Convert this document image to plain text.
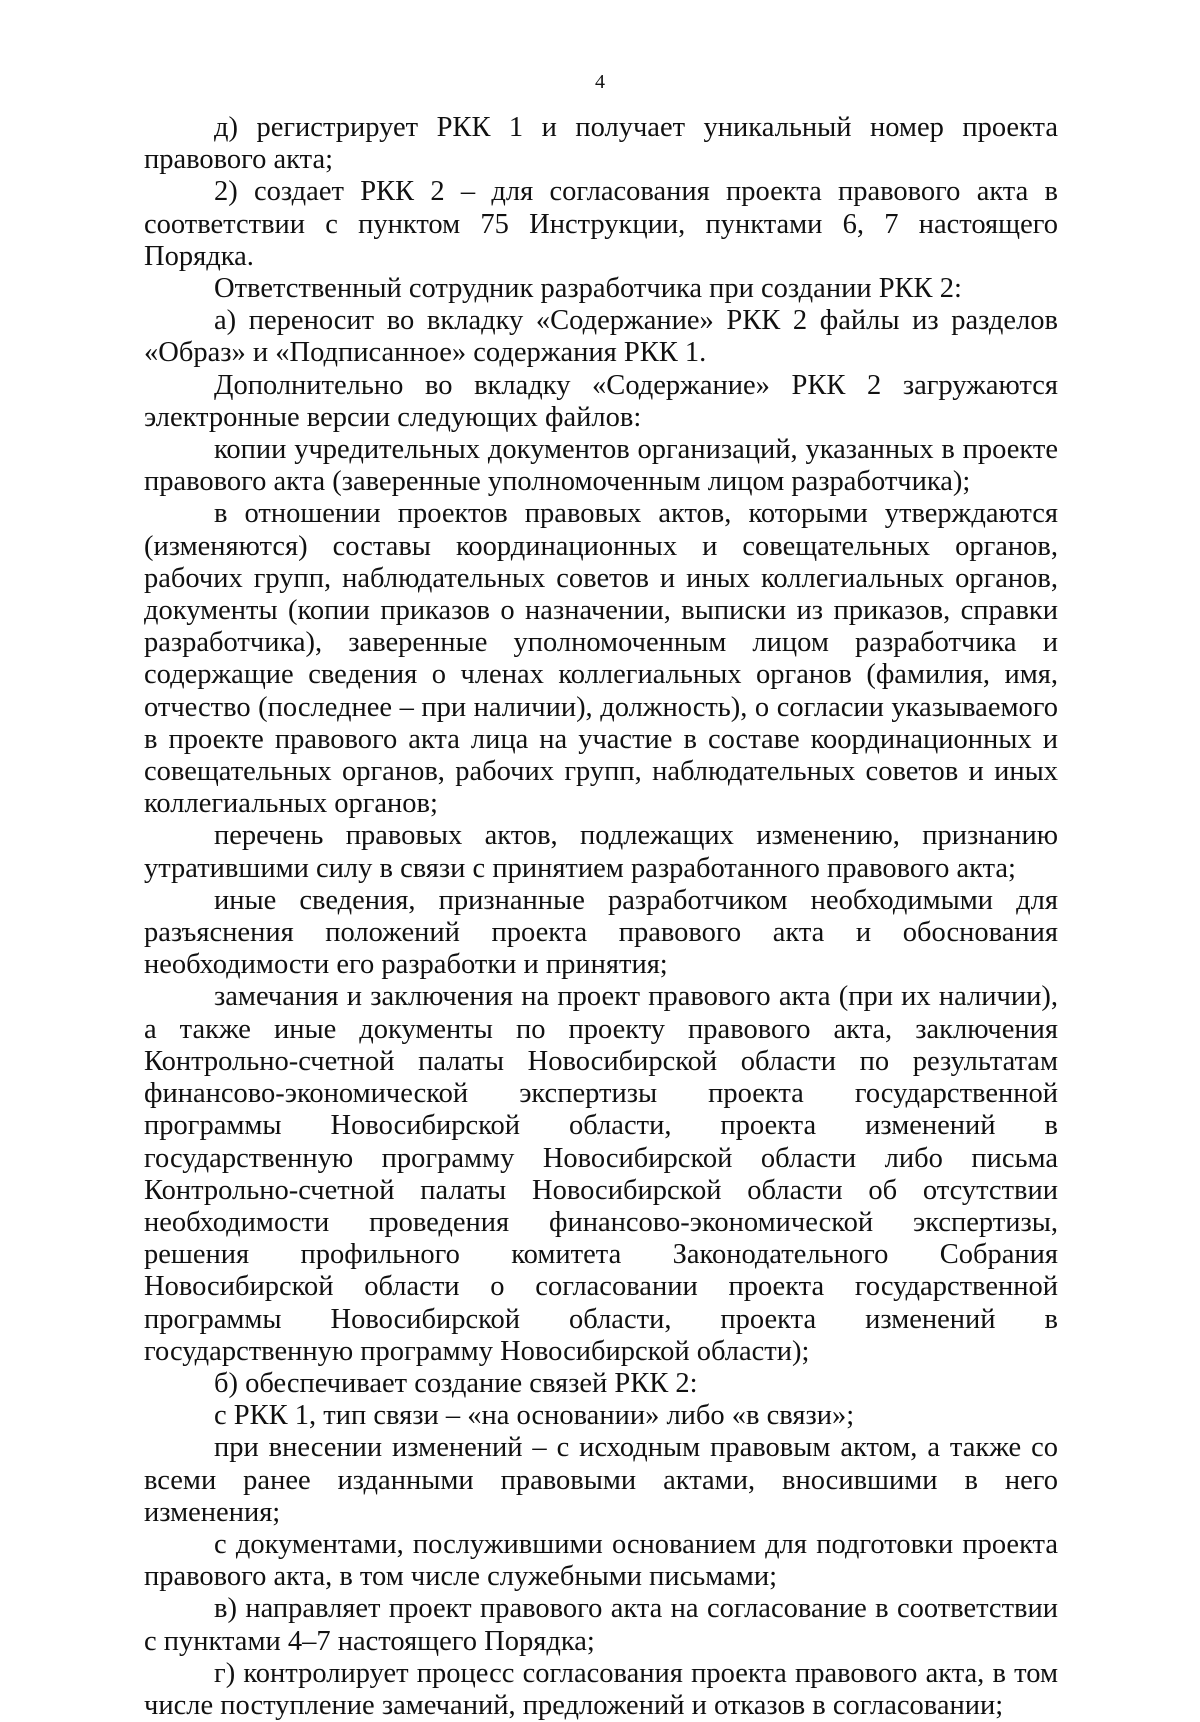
4

д) регистрирует РКК 1 и получает уникальный номер проекта правового акта;

2) создает РКК 2 – для согласования проекта правового акта в соответствии с пунктом 75 Инструкции, пунктами 6, 7 настоящего Порядка.

Ответственный сотрудник разработчика при создании РКК 2:

а) переносит во вкладку «Содержание» РКК 2 файлы из разделов «Образ» и «Подписанное» содержания РКК 1.

Дополнительно во вкладку «Содержание» РКК 2 загружаются электронные версии следующих файлов:

копии учредительных документов организаций, указанных в проекте правового акта (заверенные уполномоченным лицом разработчика);

в отношении проектов правовых актов, которыми утверждаются (изменяются) составы координационных и совещательных органов, рабочих групп, наблюдательных советов и иных коллегиальных органов, документы (копии приказов о назначении, выписки из приказов, справки разработчика), заверенные уполномоченным лицом разработчика и содержащие сведения о членах коллегиальных органов (фамилия, имя, отчество (последнее – при наличии), должность), о согласии указываемого в проекте правового акта лица на участие в составе координационных и совещательных органов, рабочих групп, наблюдательных советов и иных коллегиальных органов;

перечень правовых актов, подлежащих изменению, признанию утратившими силу в связи с принятием разработанного правового акта;

иные сведения, признанные разработчиком необходимыми для разъяснения положений проекта правового акта и обоснования необходимости его разработки и принятия;

замечания и заключения на проект правового акта (при их наличии), а также иные документы по проекту правового акта, заключения Контрольно-счетной палаты Новосибирской области по результатам финансово-экономической экспертизы проекта государственной программы Новосибирской области, проекта изменений в государственную программу Новосибирской области либо письма Контрольно-счетной палаты Новосибирской области об отсутствии необходимости проведения финансово-экономической экспертизы, решения профильного комитета Законодательного Собрания Новосибирской области о согласовании проекта государственной программы Новосибирской области, проекта изменений в государственную программу Новосибирской области);

б) обеспечивает создание связей РКК 2:

с РКК 1, тип связи – «на основании» либо «в связи»;

при внесении изменений – с исходным правовым актом, а также со всеми ранее изданными правовыми актами, вносившими в него изменения;

с документами, послужившими основанием для подготовки проекта правового акта, в том числе служебными письмами;

в) направляет проект правового акта на согласование в соответствии с пунктами 4–7 настоящего Порядка;

г) контролирует процесс согласования проекта правового акта, в том числе поступление замечаний, предложений и отказов в согласовании;
